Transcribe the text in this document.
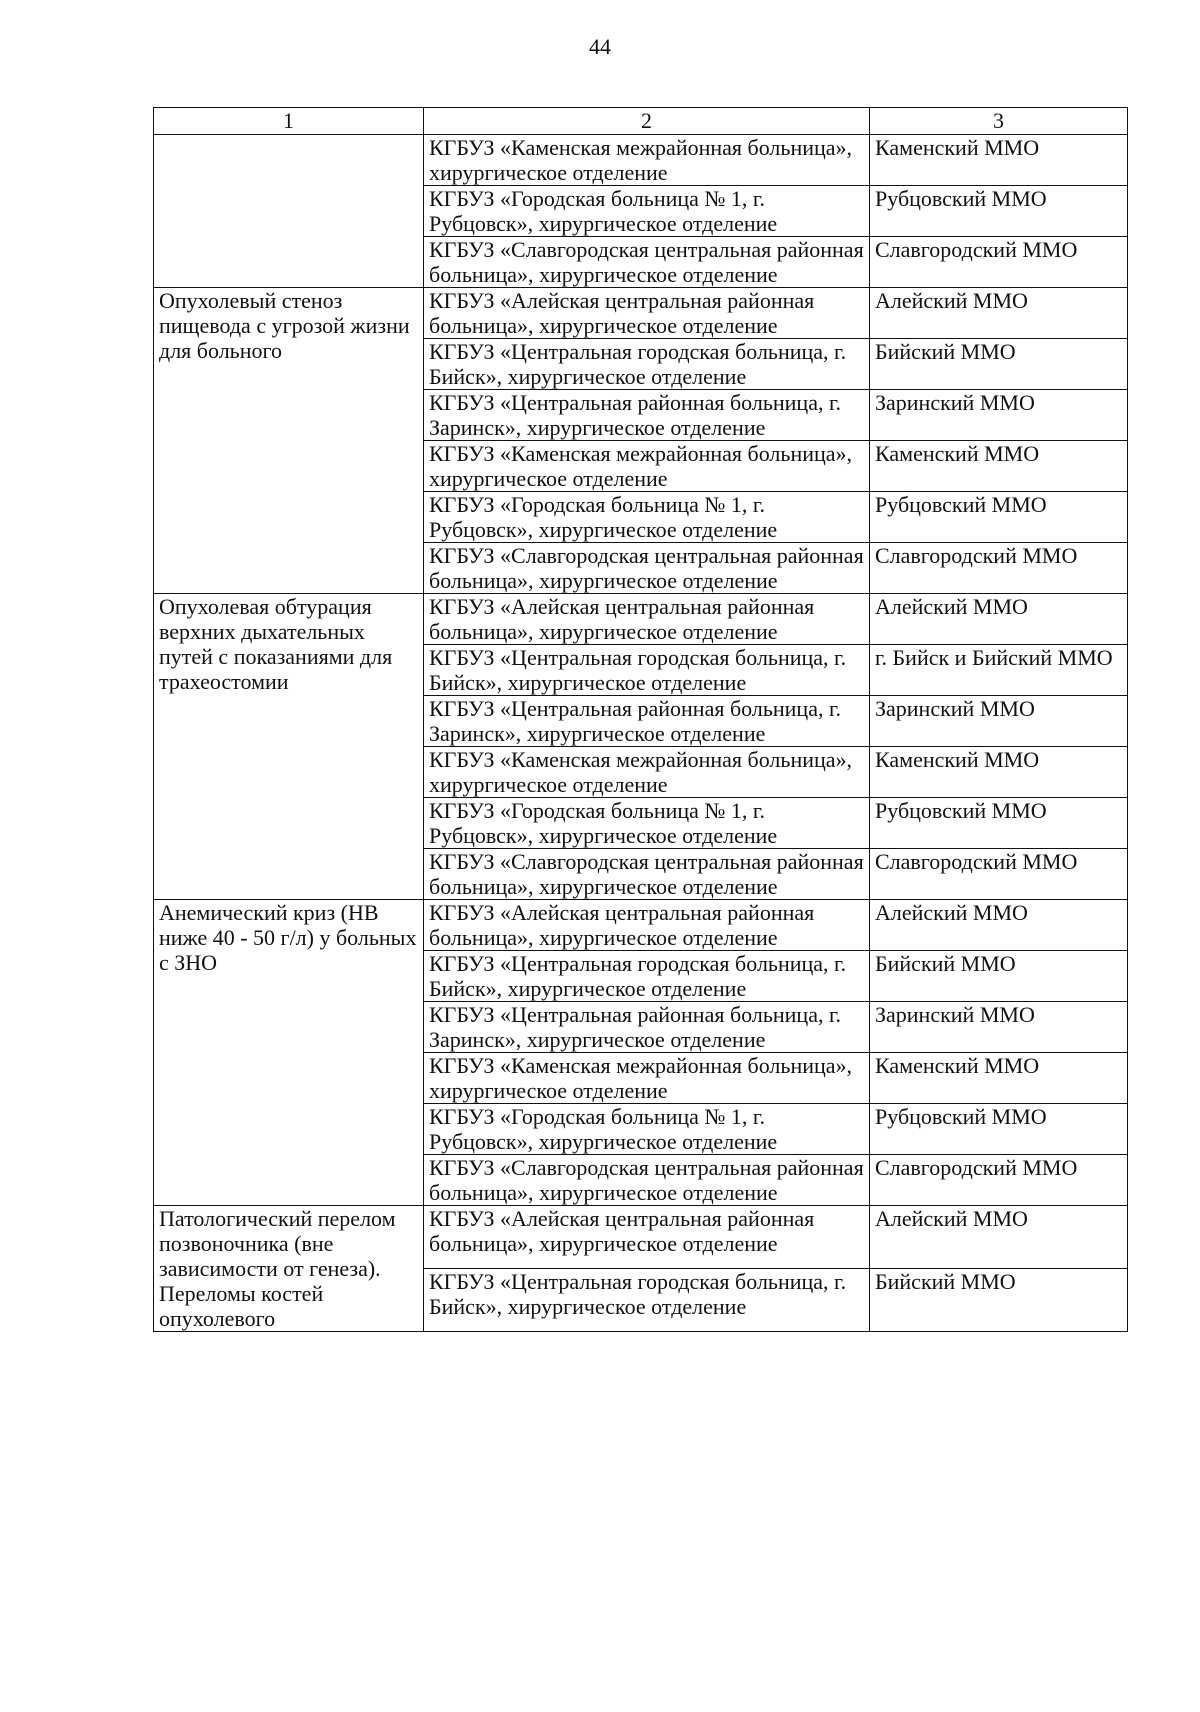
44
1	2	3
	КГБУЗ «Каменская межрайонная больница», хирургическое отделение	Каменский ММО
	КГБУЗ «Городская больница № 1, г. Рубцовск», хирургическое отделение	Рубцовский ММО
	КГБУЗ «Славгородская центральная районная больница», хирургическое отделение	Славгородский ММО
Опухолевый стеноз пищевода с угрозой жизни для больного	КГБУЗ «Алейская центральная районная больница», хирургическое отделение	Алейский ММО
	КГБУЗ «Центральная городская больница, г. Бийск», хирургическое отделение	Бийский ММО
	КГБУЗ «Центральная районная больница, г. Заринск», хирургическое отделение	Заринский ММО
	КГБУЗ «Каменская межрайонная больница», хирургическое отделение	Каменский ММО
	КГБУЗ «Городская больница № 1, г. Рубцовск», хирургическое отделение	Рубцовский ММО
	КГБУЗ «Славгородская центральная районная больница», хирургическое отделение	Славгородский ММО
Опухолевая обтурация верхних дыхательных путей с показаниями для трахеостомии	КГБУЗ «Алейская центральная районная больница», хирургическое отделение	Алейский ММО
	КГБУЗ «Центральная городская больница, г. Бийск», хирургическое отделение	г. Бийск и Бийский ММО
	КГБУЗ «Центральная районная больница, г. Заринск», хирургическое отделение	Заринский ММО
	КГБУЗ «Каменская межрайонная больница», хирургическое отделение	Каменский ММО
	КГБУЗ «Городская больница № 1, г. Рубцовск», хирургическое отделение	Рубцовский ММО
	КГБУЗ «Славгородская центральная районная больница», хирургическое отделение	Славгородский ММО
Анемический криз (НВ ниже 40 - 50 г/л) у больных с ЗНО	КГБУЗ «Алейская центральная районная больница», хирургическое отделение	Алейский ММО
	КГБУЗ «Центральная городская больница, г. Бийск», хирургическое отделение	Бийский ММО
	КГБУЗ «Центральная районная больница, г. Заринск», хирургическое отделение	Заринский ММО
	КГБУЗ «Каменская межрайонная больница», хирургическое отделение	Каменский ММО
	КГБУЗ «Городская больница № 1, г. Рубцовск», хирургическое отделение	Рубцовский ММО
	КГБУЗ «Славгородская центральная районная больница», хирургическое отделение	Славгородский ММО
Патологический перелом позвоночника (вне зависимости от генеза). Переломы костей опухолевого	КГБУЗ «Алейская центральная районная больница», хирургическое отделение	Алейский ММО
	КГБУЗ «Центральная городская больница, г. Бийск», хирургическое отделение	Бийский ММО
